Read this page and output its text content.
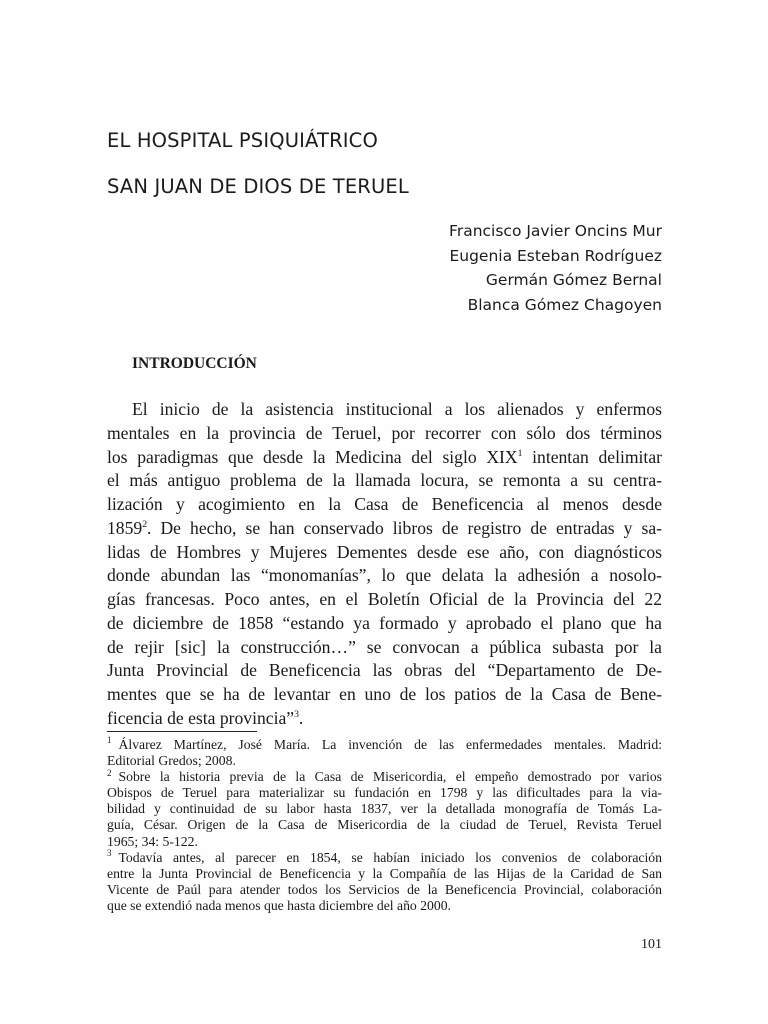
EL HOSPITAL PSIQUIÁTRICO
SAN JUAN DE DIOS DE TERUEL
Francisco Javier Oncins Mur
Eugenia Esteban Rodríguez
Germán Gómez Bernal
Blanca Gómez Chagoyen
INTRODUCCIÓN
El inicio de la asistencia institucional a los alienados y enfermos
mentales en la provincia de Teruel, por recorrer con sólo dos términos
los paradigmas que desde la Medicina del siglo XIX$^1$ intentan delimitar
el más antiguo problema de la llamada locura, se remonta a su centra-
lización y acogimiento en la Casa de Beneficencia al menos desde
1859$^2$. De hecho, se han conservado libros de registro de entradas y sa-
lidas de Hombres y Mujeres Dementes desde ese año, con diagnósticos
donde abundan las “monomanías”, lo que delata la adhesión a nosolo-
gías francesas. Poco antes, en el Boletín Oficial de la Provincia del 22
de diciembre de 1858 “estando ya formado y aprobado el plano que ha
de rejir [sic] la construcción…” se convocan a pública subasta por la
Junta Provincial de Beneficencia las obras del “Departamento de De-
mentes que se ha de levantar en uno de los patios de la Casa de Bene-
ficencia de esta provincia”$^3$.
$^1$ Álvarez Martínez, José María. La invención de las enfermedades mentales. Madrid:
Editorial Gredos; 2008.
$^2$ Sobre la historia previa de la Casa de Misericordia, el empeño demostrado por varios
Obispos de Teruel para materializar su fundación en 1798 y las dificultades para la via-
bilidad y continuidad de su labor hasta 1837, ver la detallada monografía de Tomás La-
guía, César. Origen de la Casa de Misericordia de la ciudad de Teruel, Revista Teruel
1965; 34: 5-122.
$^3$ Todavía antes, al parecer en 1854, se habían iniciado los convenios de colaboración
entre la Junta Provincial de Beneficencia y la Compañía de las Hijas de la Caridad de San
Vicente de Paúl para atender todos los Servicios de la Beneficencia Provincial, colaboración
que se extendió nada menos que hasta diciembre del año 2000.
101
